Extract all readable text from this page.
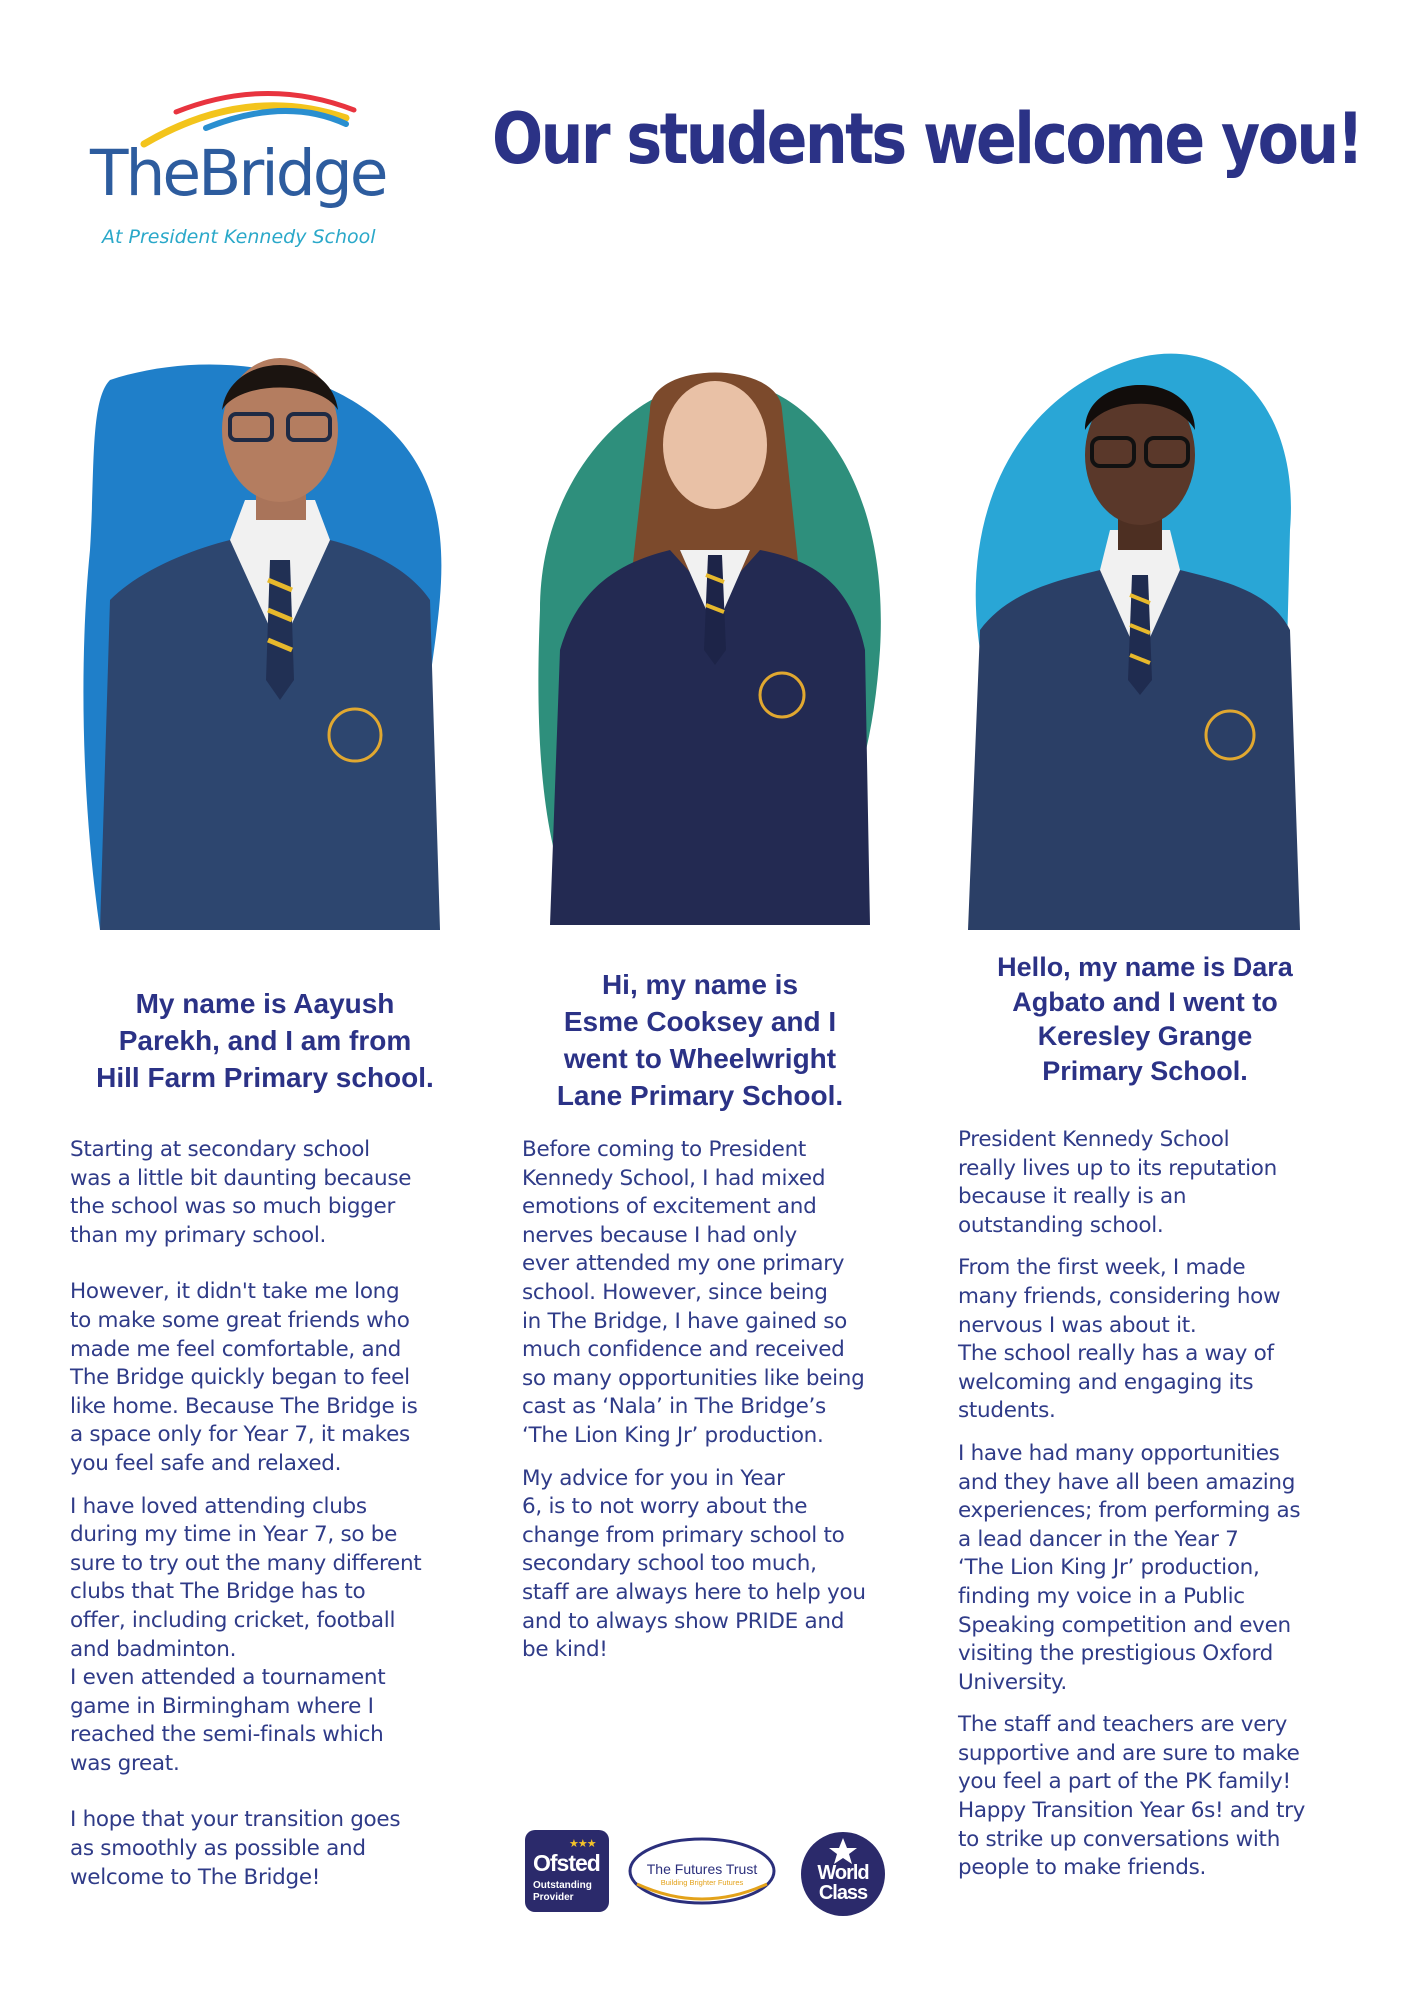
TheBridge
At President Kennedy School
Our students welcome you!
My name is Aayush
Parekh, and I am from
Hill Farm Primary school.
Starting at secondary school
was a little bit daunting because
the school was so much bigger
than my primary school.
However, it didn't take me long
to make some great friends who
made me feel comfortable, and
The Bridge quickly began to feel
like home. Because The Bridge is
a space only for Year 7, it makes
you feel safe and relaxed.
I have loved attending clubs
during my time in Year 7, so be
sure to try out the many different
clubs that The Bridge has to
offer, including cricket, football
and badminton.
I even attended a tournament
game in Birmingham where I
reached the semi-finals which
was great.
I hope that your transition goes
as smoothly as possible and
welcome to The Bridge!
Hi, my name is
Esme Cooksey and I
went to Wheelwright
Lane Primary School.
Before coming to President
Kennedy School, I had mixed
emotions of excitement and
nerves because I had only
ever attended my one primary
school. However, since being
in The Bridge, I have gained so
much confidence and received
so many opportunities like being
cast as ‘Nala’ in The Bridge’s
‘The Lion King Jr’ production.
My advice for you in Year
6, is to not worry about the
change from primary school to
secondary school too much,
staff are always here to help you
and to always show PRIDE and
be kind!
Hello, my name is Dara
Agbato and I went to
Keresley Grange
Primary School.
President Kennedy School
really lives up to its reputation
because it really is an
outstanding school.
From the first week, I made
many friends, considering how
nervous I was about it.
The school really has a way of
welcoming and engaging its
students.
I have had many opportunities
and they have all been amazing
experiences; from performing as
a lead dancer in the Year 7
‘The Lion King Jr’ production,
finding my voice in a Public
Speaking competition and even
visiting the prestigious Oxford
University.
The staff and teachers are very
supportive and are sure to make
you feel a part of the PK family!
Happy Transition Year 6s! and try
to strike up conversations with
people to make friends.
★★★
Ofsted
Outstanding
Provider
The Futures Trust
Building Brighter Futures	World
Class
